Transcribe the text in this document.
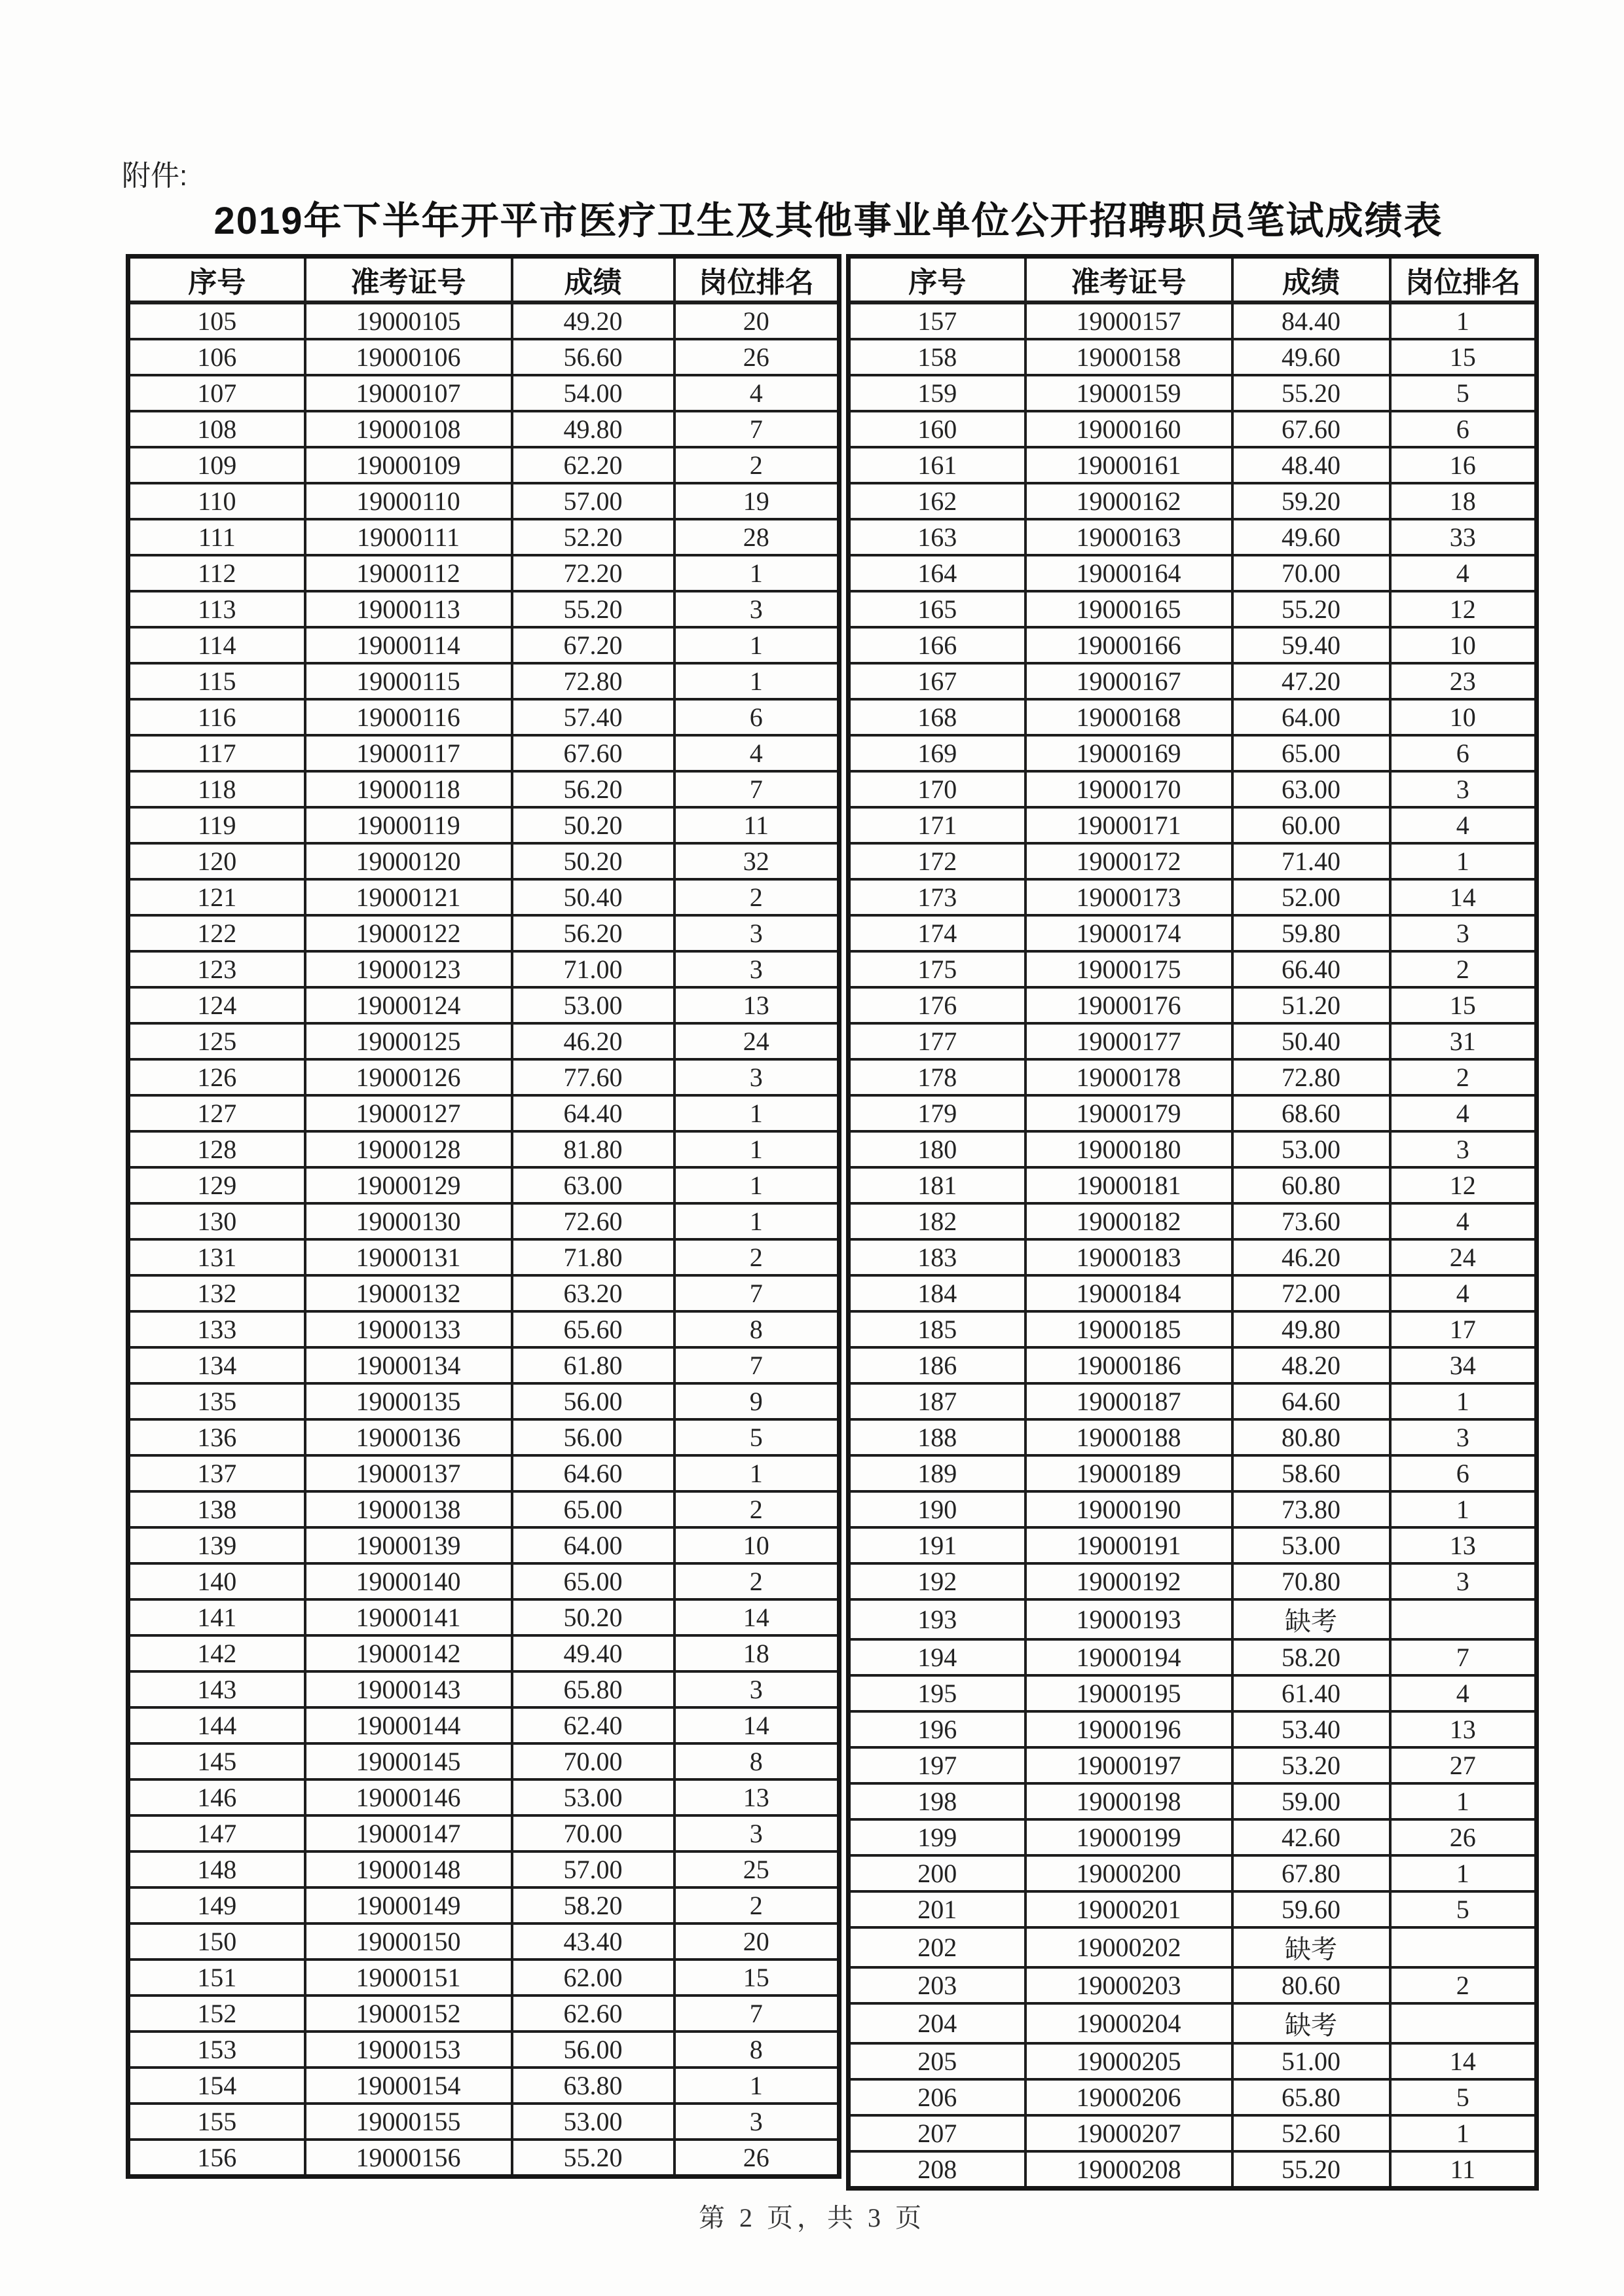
附件:
2019年下半年开平市医疗卫生及其他事业单位公开招聘职员笔试成绩表
序号	准考证号	成绩	岗位排名
105	19000105	49.20	20
106	19000106	56.60	26
107	19000107	54.00	4
108	19000108	49.80	7
109	19000109	62.20	2
110	19000110	57.00	19
111	19000111	52.20	28
112	19000112	72.20	1
113	19000113	55.20	3
114	19000114	67.20	1
115	19000115	72.80	1
116	19000116	57.40	6
117	19000117	67.60	4
118	19000118	56.20	7
119	19000119	50.20	11
120	19000120	50.20	32
121	19000121	50.40	2
122	19000122	56.20	3
123	19000123	71.00	3
124	19000124	53.00	13
125	19000125	46.20	24
126	19000126	77.60	3
127	19000127	64.40	1
128	19000128	81.80	1
129	19000129	63.00	1
130	19000130	72.60	1
131	19000131	71.80	2
132	19000132	63.20	7
133	19000133	65.60	8
134	19000134	61.80	7
135	19000135	56.00	9
136	19000136	56.00	5
137	19000137	64.60	1
138	19000138	65.00	2
139	19000139	64.00	10
140	19000140	65.00	2
141	19000141	50.20	14
142	19000142	49.40	18
143	19000143	65.80	3
144	19000144	62.40	14
145	19000145	70.00	8
146	19000146	53.00	13
147	19000147	70.00	3
148	19000148	57.00	25
149	19000149	58.20	2
150	19000150	43.40	20
151	19000151	62.00	15
152	19000152	62.60	7
153	19000153	56.00	8
154	19000154	63.80	1
155	19000155	53.00	3
156	19000156	55.20	26
序号	准考证号	成绩	岗位排名
157	19000157	84.40	1
158	19000158	49.60	15
159	19000159	55.20	5
160	19000160	67.60	6
161	19000161	48.40	16
162	19000162	59.20	18
163	19000163	49.60	33
164	19000164	70.00	4
165	19000165	55.20	12
166	19000166	59.40	10
167	19000167	47.20	23
168	19000168	64.00	10
169	19000169	65.00	6
170	19000170	63.00	3
171	19000171	60.00	4
172	19000172	71.40	1
173	19000173	52.00	14
174	19000174	59.80	3
175	19000175	66.40	2
176	19000176	51.20	15
177	19000177	50.40	31
178	19000178	72.80	2
179	19000179	68.60	4
180	19000180	53.00	3
181	19000181	60.80	12
182	19000182	73.60	4
183	19000183	46.20	24
184	19000184	72.00	4
185	19000185	49.80	17
186	19000186	48.20	34
187	19000187	64.60	1
188	19000188	80.80	3
189	19000189	58.60	6
190	19000190	73.80	1
191	19000191	53.00	13
192	19000192	70.80	3
193	19000193	缺考	
194	19000194	58.20	7
195	19000195	61.40	4
196	19000196	53.40	13
197	19000197	53.20	27
198	19000198	59.00	1
199	19000199	42.60	26
200	19000200	67.80	1
201	19000201	59.60	5
202	19000202	缺考	
203	19000203	80.60	2
204	19000204	缺考	
205	19000205	51.00	14
206	19000206	65.80	5
207	19000207	52.60	1
208	19000208	55.20	11
第 2 页，共 3 页
